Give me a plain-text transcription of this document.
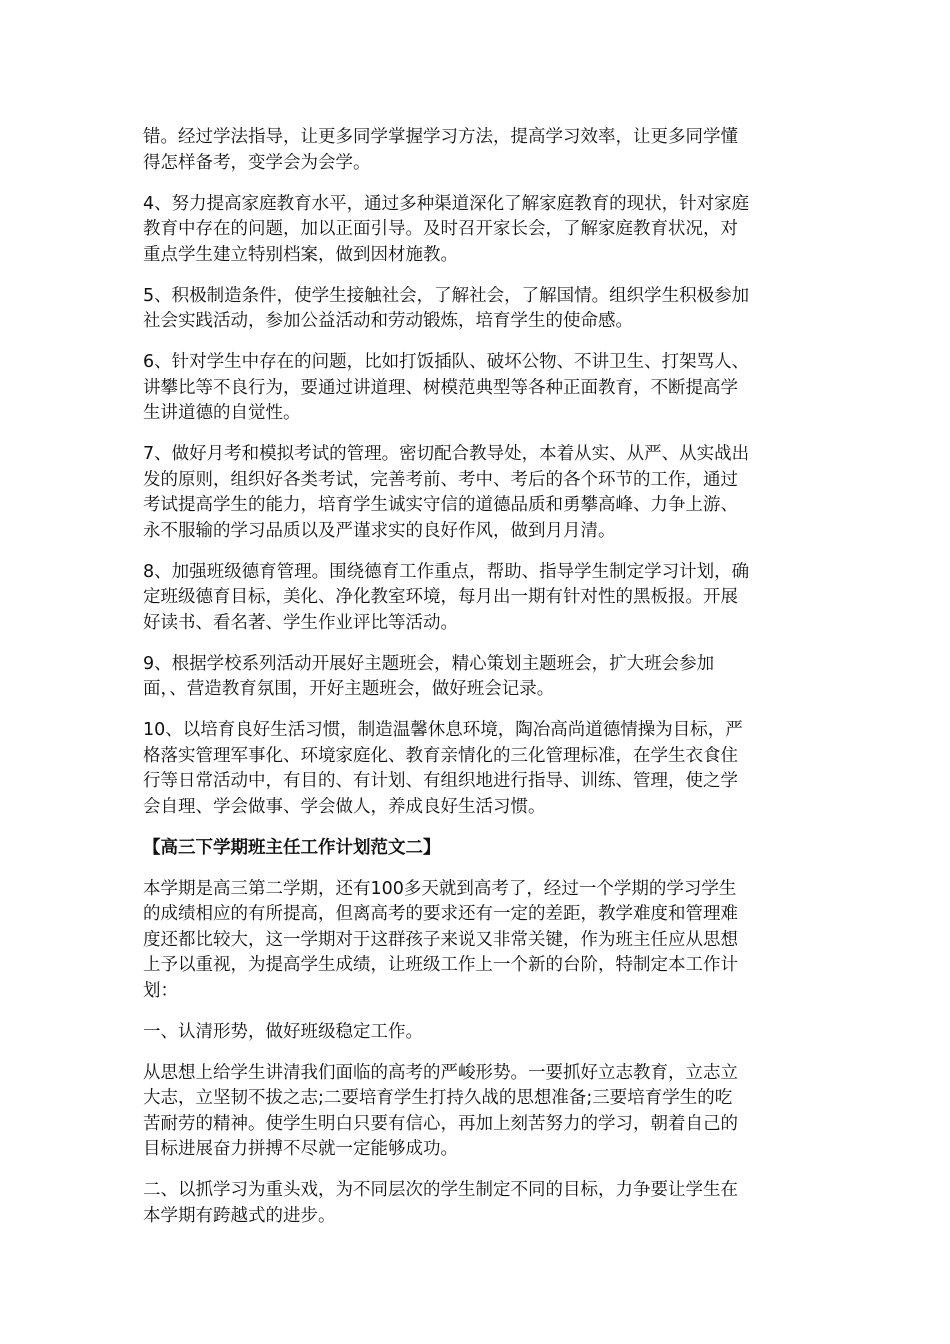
错。经过学法指导，让更多同学掌握学习方法，提高学习效率，让更多同学懂
得怎样备考，变学会为会学。

4、努力提高家庭教育水平，通过多种渠道深化了解家庭教育的现状，针对家庭
教育中存在的问题，加以正面引导。及时召开家长会，了解家庭教育状况，对
重点学生建立特别档案，做到因材施教。

5、积极制造条件，使学生接触社会，了解社会，了解国情。组织学生积极参加
社会实践活动，参加公益活动和劳动锻炼，培育学生的使命感。

6、针对学生中存在的问题，比如打饭插队、破坏公物、不讲卫生、打架骂人、
讲攀比等不良行为，要通过讲道理、树模范典型等各种正面教育，不断提高学
生讲道德的自觉性。

7、做好月考和模拟考试的管理。密切配合教导处，本着从实、从严、从实战出
发的原则，组织好各类考试，完善考前、考中、考后的各个环节的工作，通过
考试提高学生的能力，培育学生诚实守信的道德品质和勇攀高峰、力争上游、
永不服输的学习品质以及严谨求实的良好作风，做到月月清。

8、加强班级德育管理。围绕德育工作重点，帮助、指导学生制定学习计划，确
定班级德育目标，美化、净化教室环境，每月出一期有针对性的黑板报。开展
好读书、看名著、学生作业评比等活动。

9、根据学校系列活动开展好主题班会，精心策划主题班会，扩大班会参加
面，、营造教育氛围，开好主题班会，做好班会记录。

10、以培育良好生活习惯，制造温馨休息环境，陶冶高尚道德情操为目标，严
格落实管理军事化、环境家庭化、教育亲情化的三化管理标准，在学生衣食住
行等日常活动中，有目的、有计划、有组织地进行指导、训练、管理，使之学
会自理、学会做事、学会做人，养成良好生活习惯。

【高三下学期班主任工作计划范文二】

本学期是高三第二学期，还有100多天就到高考了，经过一个学期的学习学生
的成绩相应的有所提高，但离高考的要求还有一定的差距，教学难度和管理难
度还都比较大，这一学期对于这群孩子来说又非常关键，作为班主任应从思想
上予以重视，为提高学生成绩，让班级工作上一个新的台阶，特制定本工作计
划：

一、认清形势，做好班级稳定工作。

从思想上给学生讲清我们面临的高考的严峻形势。一要抓好立志教育，立志立
大志，立坚韧不拔之志;二要培育学生打持久战的思想准备;三要培育学生的吃
苦耐劳的精神。使学生明白只要有信心，再加上刻苦努力的学习，朝着自己的
目标进展奋力拼搏不尽就一定能够成功。

二、以抓学习为重头戏，为不同层次的学生制定不同的目标，力争要让学生在
本学期有跨越式的进步。
